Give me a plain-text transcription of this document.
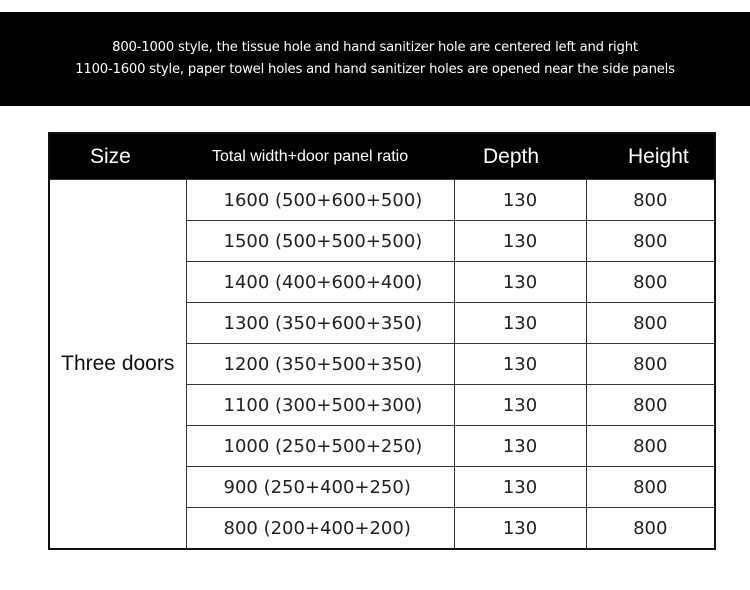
800-1000 style, the tissue hole and hand sanitizer hole are centered left and right
1100-1600 style, paper towel holes and hand sanitizer holes are opened near the side panels
Size	Total width+door panel ratio	Depth	Height
Three doors	1600 (500+600+500)	130	800
	1500 (500+500+500)	130	800
	1400 (400+600+400)	130	800
	1300 (350+600+350)	130	800
	1200 (350+500+350)	130	800
	1100 (300+500+300)	130	800
	1000 (250+500+250)	130	800
	900 (250+400+250)	130	800
	800 (200+400+200)	130	800
